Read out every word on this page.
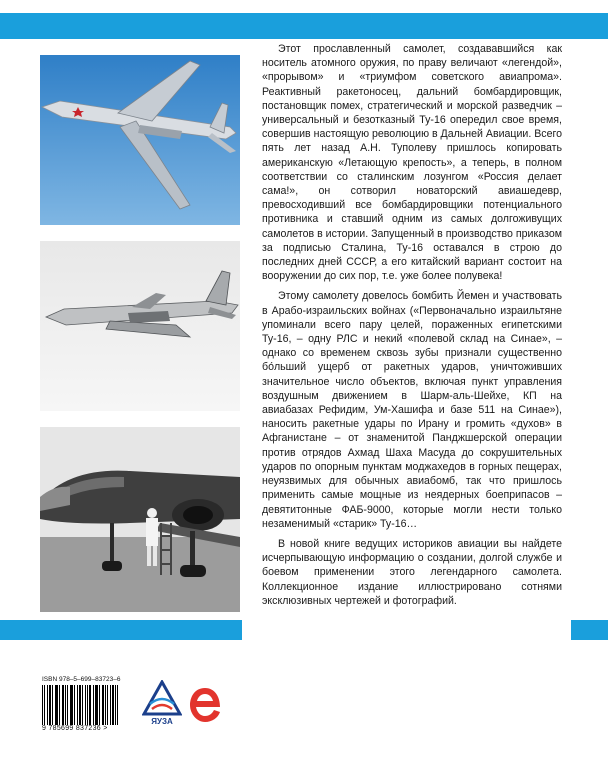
Этот прославленный самолет, создававшийся как носитель атомного оружия, по праву величают «легендой», «прорывом» и «триумфом советского авиапрома». Реактивный ракетоносец, дальний бомбардировщик, постановщик помех, стратегический и морской разведчик – универсальный и безотказный Ту-16 опередил свое время, совершив настоящую революцию в Дальней Авиации. Всего пять лет назад А.Н. Туполеву пришлось копировать американскую «Летающую крепость», а теперь, в полном соответствии со сталинским лозунгом «Россия делает сама!», он сотворил новаторский авиашедевр, превосходивший все бомбардировщики потенциального противника и ставший одним из самых долгоживущих самолетов в истории. Запущенный в производство приказом за подписью Сталина, Ту-16 оставался в строю до последних дней СССР, а его китайский вариант состоит на вооружении до сих пор, т.е. уже более полувека!

Этому самолету довелось бомбить Йемен и участвовать в Арабо-израильских войнах («Первоначально израильтяне упоминали всего пару целей, пораженных египетскими Ту-16, – одну РЛС и некий «полевой склад на Синае», – однако со временем сквозь зубы признали существенно бо́льший ущерб от ракетных ударов, уничтоживших значительное число объектов, включая пункт управления воздушным движением в Шарм-аль-Шейхе, КП на авиабазах Рефидим, Ум-Хашифа и базе 511 на Синае»), наносить ракетные удары по Ирану и громить «духов» в Афганистане – от знаменитой Панджшерской операции против отрядов Ахмад Шаха Масуда до сокрушительных ударов по опорным пунктам моджахедов в горных пещерах, неуязвимых для обычных авиабомб, так что пришлось применить самые мощные из неядерных боеприпасов – девятитонные ФАБ-9000, которые могли нести только незаменимый «старик» Ту-16…

В новой книге ведущих историков авиации вы найдете исчерпывающую информацию о создании, долгой службе и боевом применении этого легендарного самолета. Коллекционное издание иллюстрировано сотнями эксклюзивных чертежей и фотографий.

ISBN 978–5–699–83723–6
9 785699 837236 >
ЯУЗА
